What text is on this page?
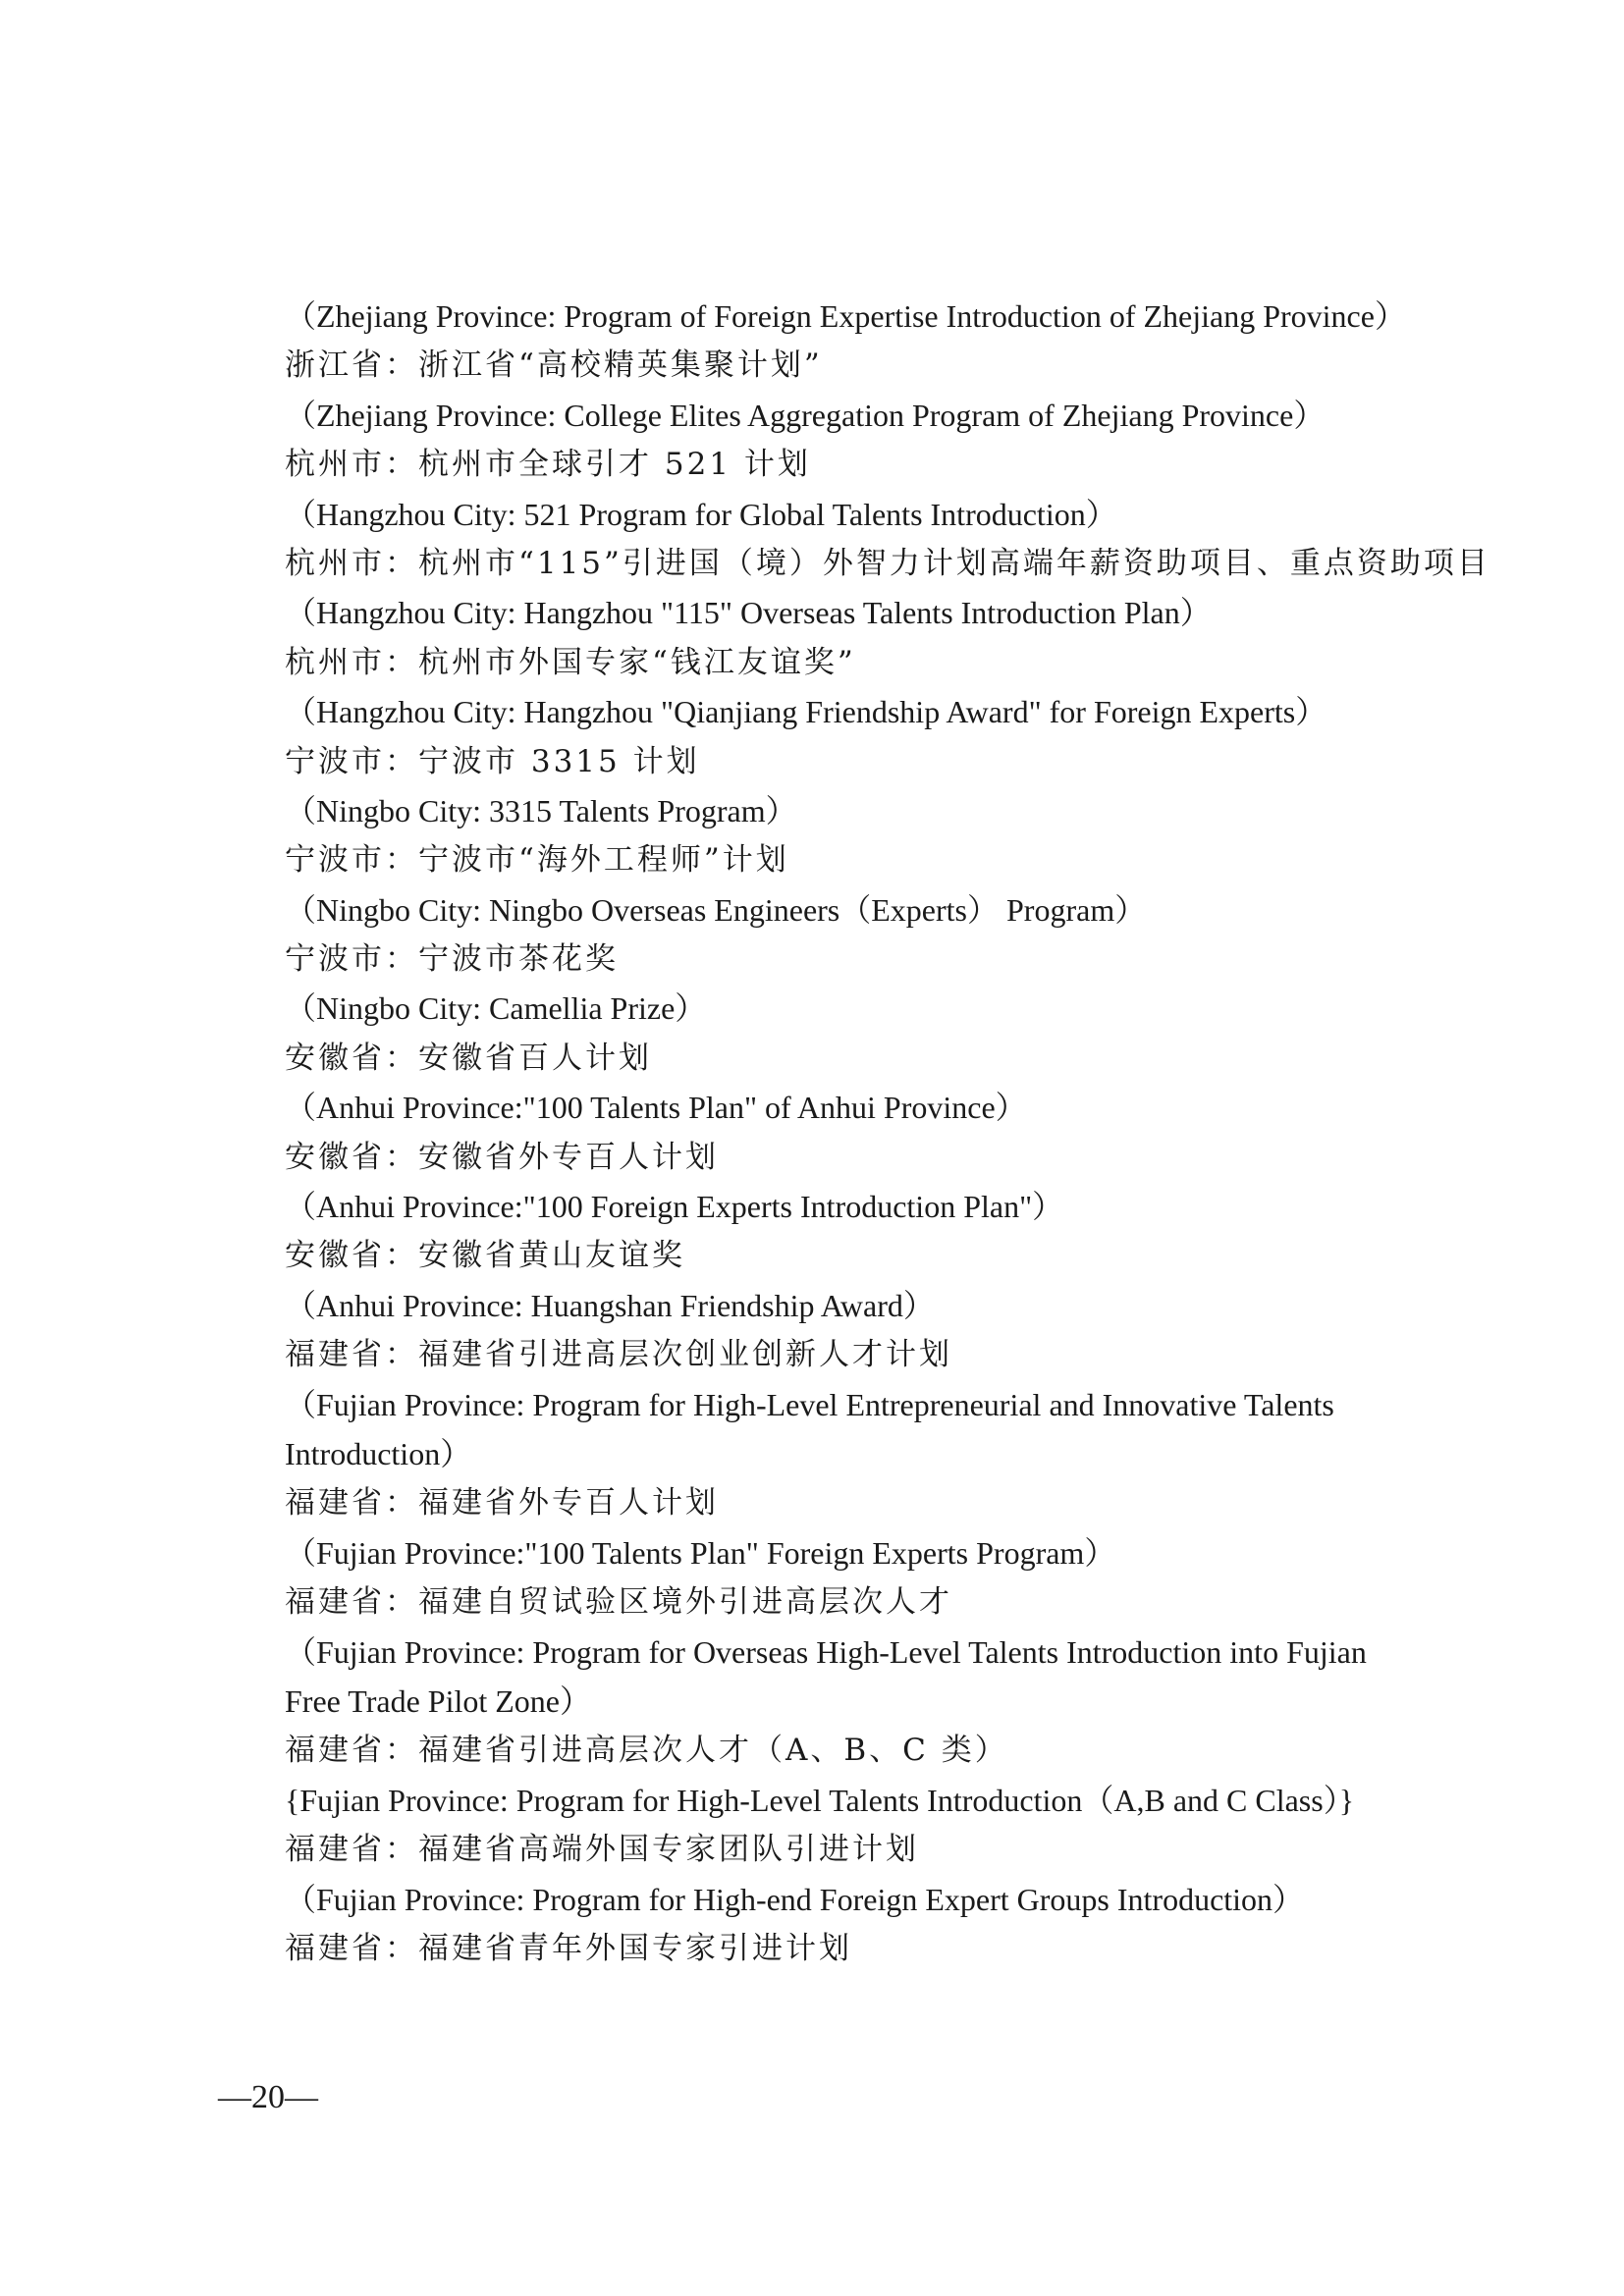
（Zhejiang Province: Program of Foreign Expertise Introduction of Zhejiang Province）
浙江省：浙江省“高校精英集聚计划”
（Zhejiang Province: College Elites Aggregation Program of Zhejiang Province）
杭州市：杭州市全球引才 521 计划
（Hangzhou City: 521 Program for Global Talents Introduction）
杭州市：杭州市“115”引进国（境）外智力计划高端年薪资助项目、重点资助项目
（Hangzhou City: Hangzhou "115" Overseas Talents Introduction Plan）
杭州市：杭州市外国专家“钱江友谊奖”
（Hangzhou City: Hangzhou "Qianjiang Friendship Award" for Foreign Experts）
宁波市：宁波市 3315 计划
（Ningbo City: 3315 Talents Program）
宁波市：宁波市“海外工程师”计划
（Ningbo City: Ningbo Overseas Engineers（Experts） Program）
宁波市：宁波市茶花奖
（Ningbo City: Camellia Prize）
安徽省：安徽省百人计划
（Anhui Province:"100 Talents Plan" of Anhui Province）
安徽省：安徽省外专百人计划
（Anhui Province:"100 Foreign Experts Introduction Plan"）
安徽省：安徽省黄山友谊奖
（Anhui Province: Huangshan Friendship Award）
福建省：福建省引进高层次创业创新人才计划
（Fujian Province: Program for High-Level Entrepreneurial and Innovative Talents
Introduction）
福建省：福建省外专百人计划
（Fujian Province:"100 Talents Plan" Foreign Experts Program）
福建省：福建自贸试验区境外引进高层次人才
（Fujian Province: Program for Overseas High-Level Talents Introduction into Fujian
Free Trade Pilot Zone）
福建省：福建省引进高层次人才（A、B、C 类）
{Fujian Province: Program for High-Level Talents Introduction（A,B and C Class）}
福建省：福建省高端外国专家团队引进计划
（Fujian Province: Program for High-end Foreign Expert Groups Introduction）
福建省：福建省青年外国专家引进计划
—20—
